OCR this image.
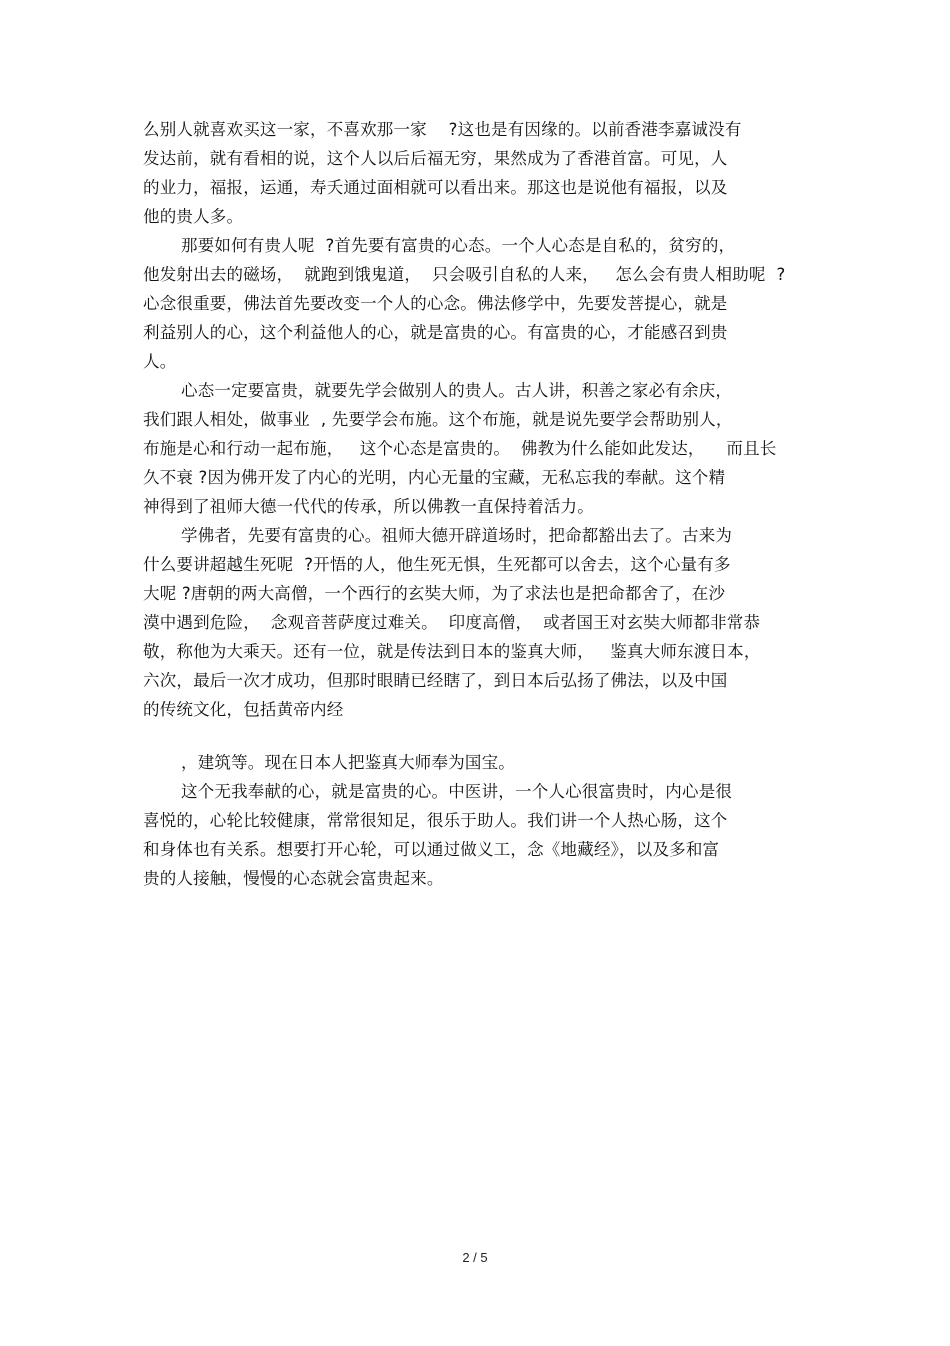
么别人就喜欢买这一家，不喜欢那一家    ?这也是有因缘的。以前香港李嘉诚没有
发达前，就有看相的说，这个人以后后福无穷，果然成为了香港首富。可见，人
的业力，福报，运通，寿夭通过面相就可以看出来。那这也是说他有福报，以及
他的贵人多。
那要如何有贵人呢  ?首先要有富贵的心态。一个人心态是自私的，贫穷的，
他发射出去的磁场，  就跑到饿鬼道，  只会吸引自私的人来，   怎么会有贵人相助呢  ?
心念很重要，佛法首先要改变一个人的心念。佛法修学中，先要发菩提心，就是
利益别人的心，这个利益他人的心，就是富贵的心。有富贵的心，才能感召到贵
人。
心态一定要富贵，就要先学会做别人的贵人。古人讲，积善之家必有余庆，
我们跟人相处，做事业  , 先要学会布施。这个布施，就是说先要学会帮助别人，
布施是心和行动一起布施，   这个心态是富贵的。  佛教为什么能如此发达，    而且长
久不衰 ?因为佛开发了内心的光明，内心无量的宝藏，无私忘我的奉献。这个精
神得到了祖师大德一代代的传承，所以佛教一直保持着活力。
学佛者，先要有富贵的心。祖师大德开辟道场时，把命都豁出去了。古来为
什么要讲超越生死呢  ?开悟的人，他生死无惧，生死都可以舍去，这个心量有多
大呢 ?唐朝的两大高僧，一个西行的玄奘大师，为了求法也是把命都舍了，在沙
漠中遇到危险，  念观音菩萨度过难关。  印度高僧，  或者国王对玄奘大师都非常恭
敬，称他为大乘天。还有一位，就是传法到日本的鉴真大师，   鉴真大师东渡日本，
六次，最后一次才成功，但那时眼睛已经瞎了，到日本后弘扬了佛法，以及中国
的传统文化，包括黄帝内经
，建筑等。现在日本人把鉴真大师奉为国宝。
这个无我奉献的心，就是富贵的心。中医讲，一个人心很富贵时，内心是很
喜悦的，心轮比较健康，常常很知足，很乐于助人。我们讲一个人热心肠，这个
和身体也有关系。想要打开心轮，可以通过做义工，念《地藏经》，以及多和富
贵的人接触，慢慢的心态就会富贵起来。
2 / 5
